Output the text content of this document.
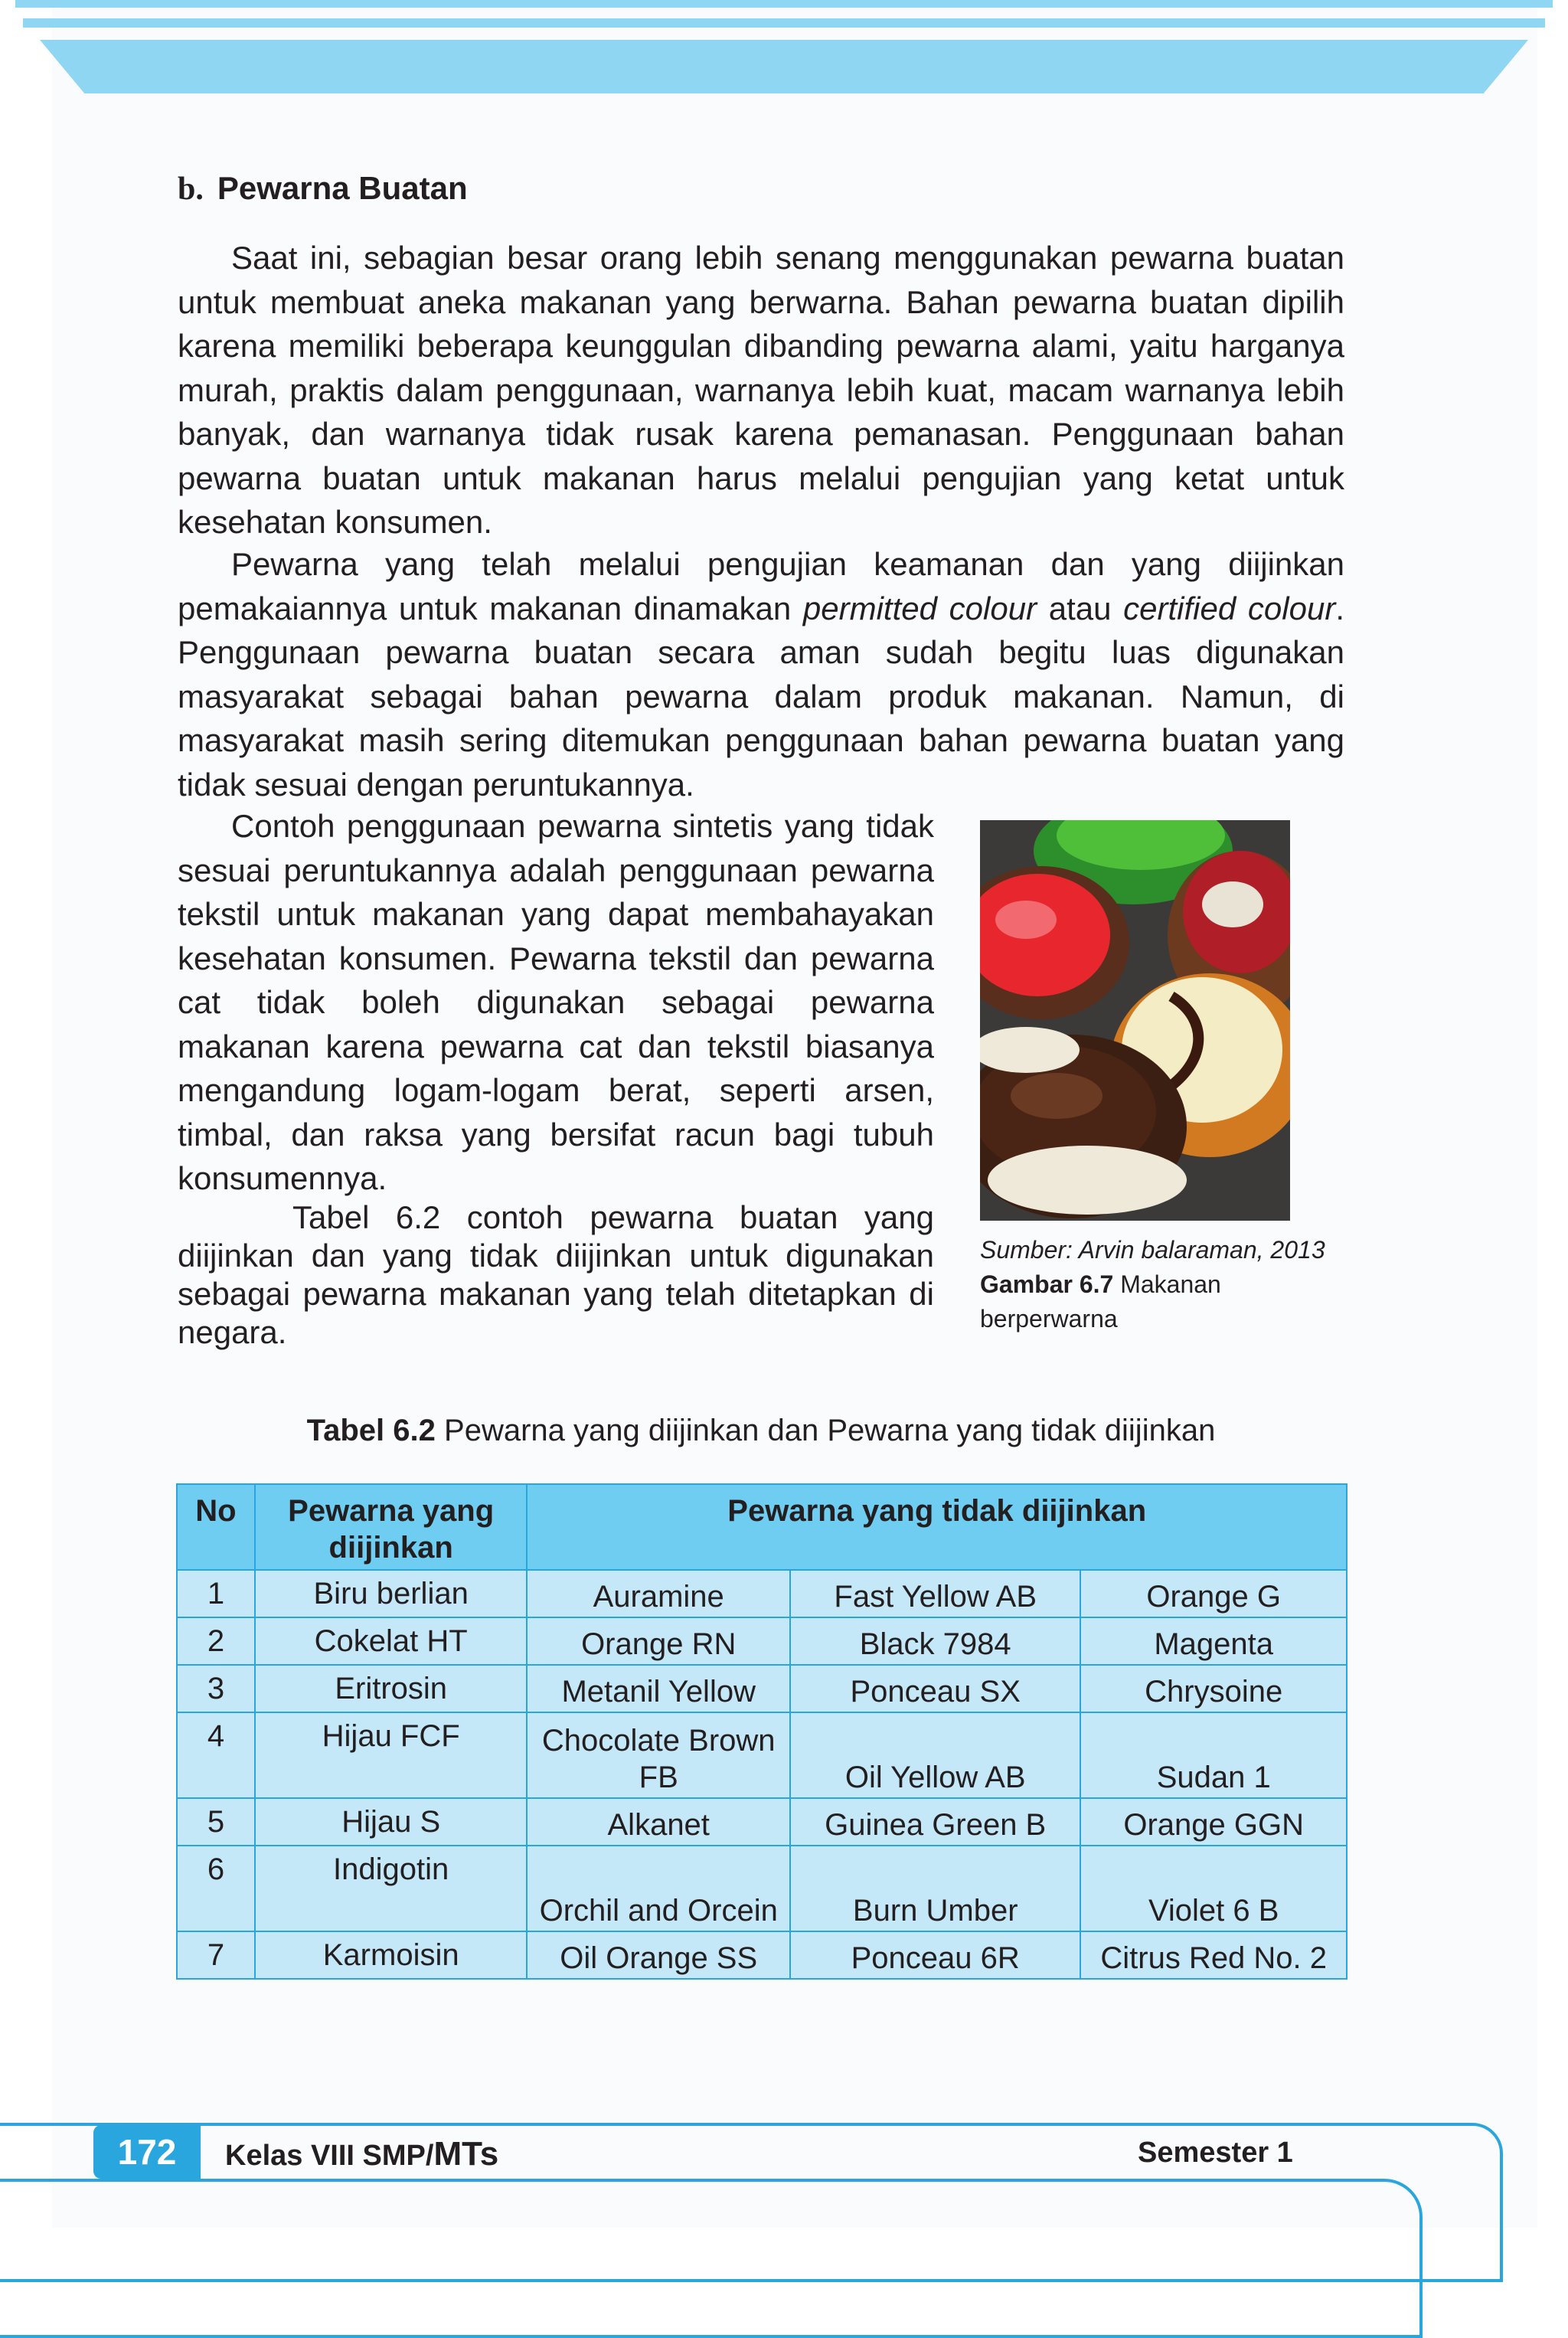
b. Pewarna Buatan

Saat ini, sebagian besar orang lebih senang menggunakan pewarna buatan untuk membuat aneka makanan yang berwarna. Bahan pewarna buatan dipilih karena memiliki beberapa keunggulan dibanding pewarna alami, yaitu harganya murah, praktis dalam penggunaan, warnanya lebih kuat, macam warnanya lebih banyak, dan warnanya tidak rusak karena pemanasan. Penggunaan bahan pewarna buatan untuk makanan harus melalui pengujian yang ketat untuk kesehatan konsumen.

Pewarna yang telah melalui pengujian keamanan dan yang diijinkan pemakaiannya untuk makanan dinamakan permitted colour atau certified colour. Penggunaan pewarna buatan secara aman sudah begitu luas digunakan masyarakat sebagai bahan pewarna dalam produk makanan. Namun, di masyarakat masih sering ditemukan penggunaan bahan pewarna buatan yang tidak sesuai dengan peruntukannya.

Contoh penggunaan pewarna sintetis yang tidak sesuai peruntukannya adalah penggunaan pewarna tekstil untuk makanan yang dapat membahayakan kesehatan konsumen. Pewarna tekstil dan pewarna cat tidak boleh digunakan sebagai pewarna makanan karena pewarna cat dan tekstil biasanya mengandung logam-logam berat, seperti arsen, timbal, dan raksa yang bersifat racun bagi tubuh konsumennya.

Tabel 6.2 contoh pewarna buatan yang diijinkan dan yang tidak diijinkan untuk digunakan sebagai pewarna makanan yang telah ditetapkan di negara.

Sumber: Arvin balaraman, 2013
Gambar 6.7 Makanan berperwarna
Tabel 6.2 Pewarna yang diijinkan dan Pewarna yang tidak diijinkan
No	Pewarna yang diijinkan	Pewarna yang tidak diijinkan		
1	Biru berlian	Auramine	Fast Yellow AB	Orange G
2	Cokelat HT	Orange RN	Black 7984	Magenta
3	Eritrosin	Metanil Yellow	Ponceau SX	Chrysoine
4	Hijau FCF	Chocolate Brown FB	Oil Yellow AB	Sudan 1
5	Hijau S	Alkanet	Guinea Green B	Orange GGN
6	Indigotin	Orchil and Orcein	Burn Umber	Violet 6 B
7	Karmoisin	Oil Orange SS	Ponceau 6R	Citrus Red No. 2
172	Kelas VIII SMP/MTs	Semester 1
